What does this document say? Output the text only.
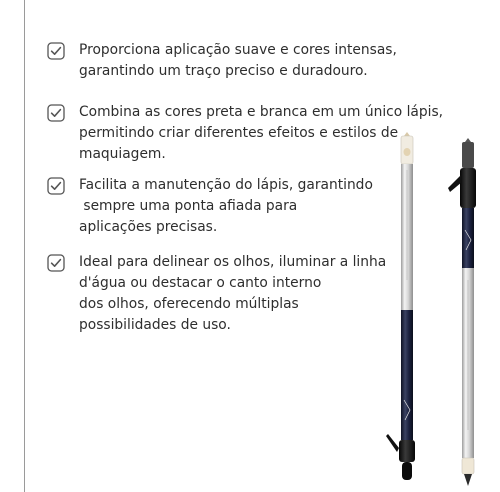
Proporciona aplicação suave e cores intensas,
garantindo um traço preciso e duradouro.
Combina as cores preta e branca em um único lápis,
permitindo criar diferentes efeitos e estilos de
maquiagem.
Facilita a manutenção do lápis, garantindo
sempre uma ponta afiada para
aplicações precisas.
Ideal para delinear os olhos, iluminar a linha
d'água ou destacar o canto interno
dos olhos, oferecendo múltiplas
possibilidades de uso.
